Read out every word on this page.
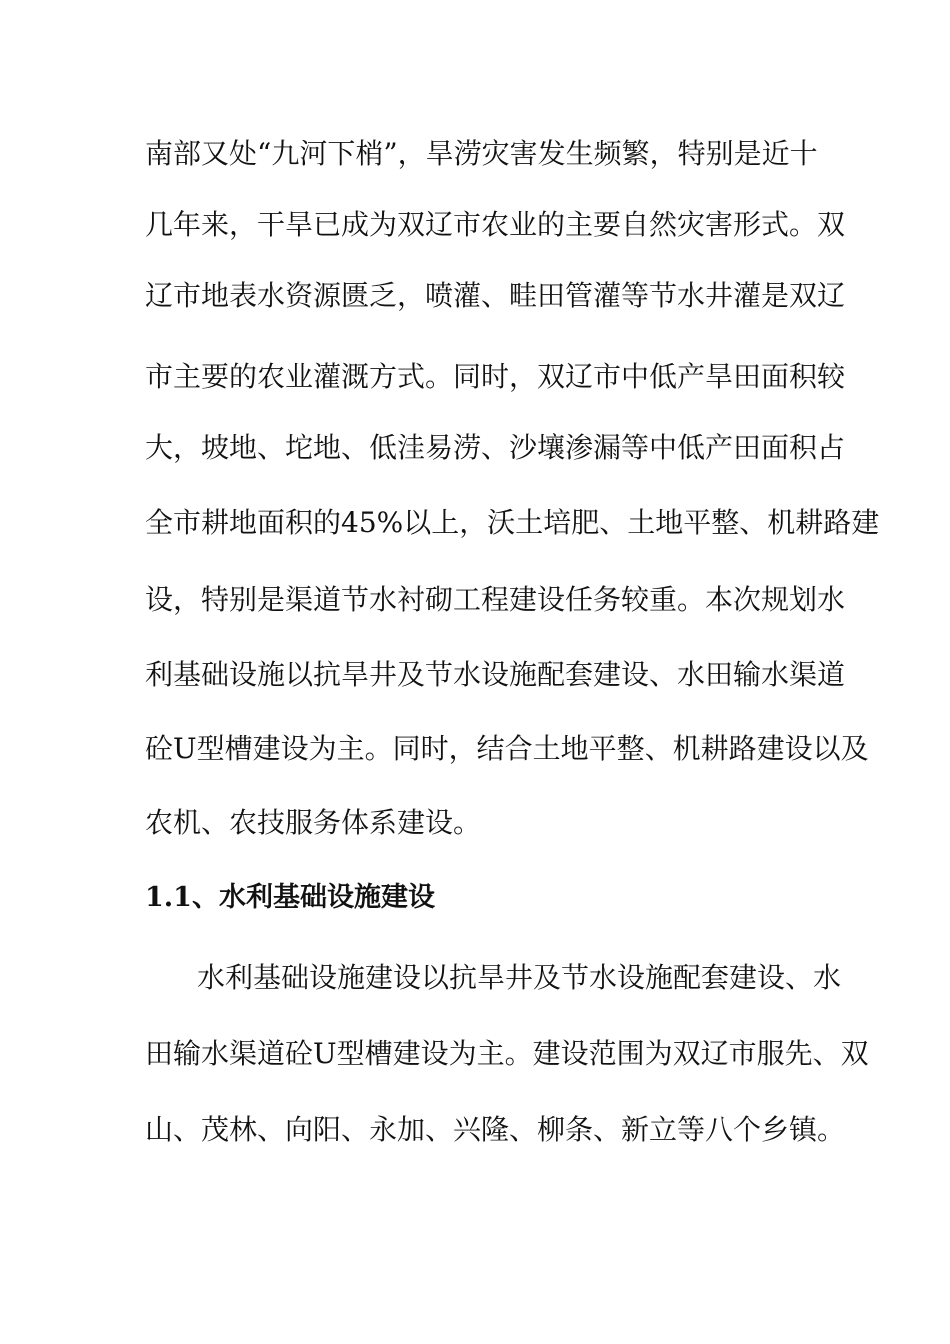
南部又处“九河下梢”，旱涝灾害发生频繁，特别是近十
几年来，干旱已成为双辽市农业的主要自然灾害形式。双
辽市地表水资源匮乏，喷灌、畦田管灌等节水井灌是双辽
市主要的农业灌溉方式。同时，双辽市中低产旱田面积较
大，坡地、坨地、低洼易涝、沙壤渗漏等中低产田面积占
全市耕地面积的45%以上，沃土培肥、土地平整、机耕路建
设，特别是渠道节水衬砌工程建设任务较重。本次规划水
利基础设施以抗旱井及节水设施配套建设、水田输水渠道
砼U型槽建设为主。同时，结合土地平整、机耕路建设以及
农机、农技服务体系建设。
1.1、水利基础设施建设
水利基础设施建设以抗旱井及节水设施配套建设、水
田输水渠道砼U型槽建设为主。建设范围为双辽市服先、双
山、茂林、向阳、永加、兴隆、柳条、新立等八个乡镇。
